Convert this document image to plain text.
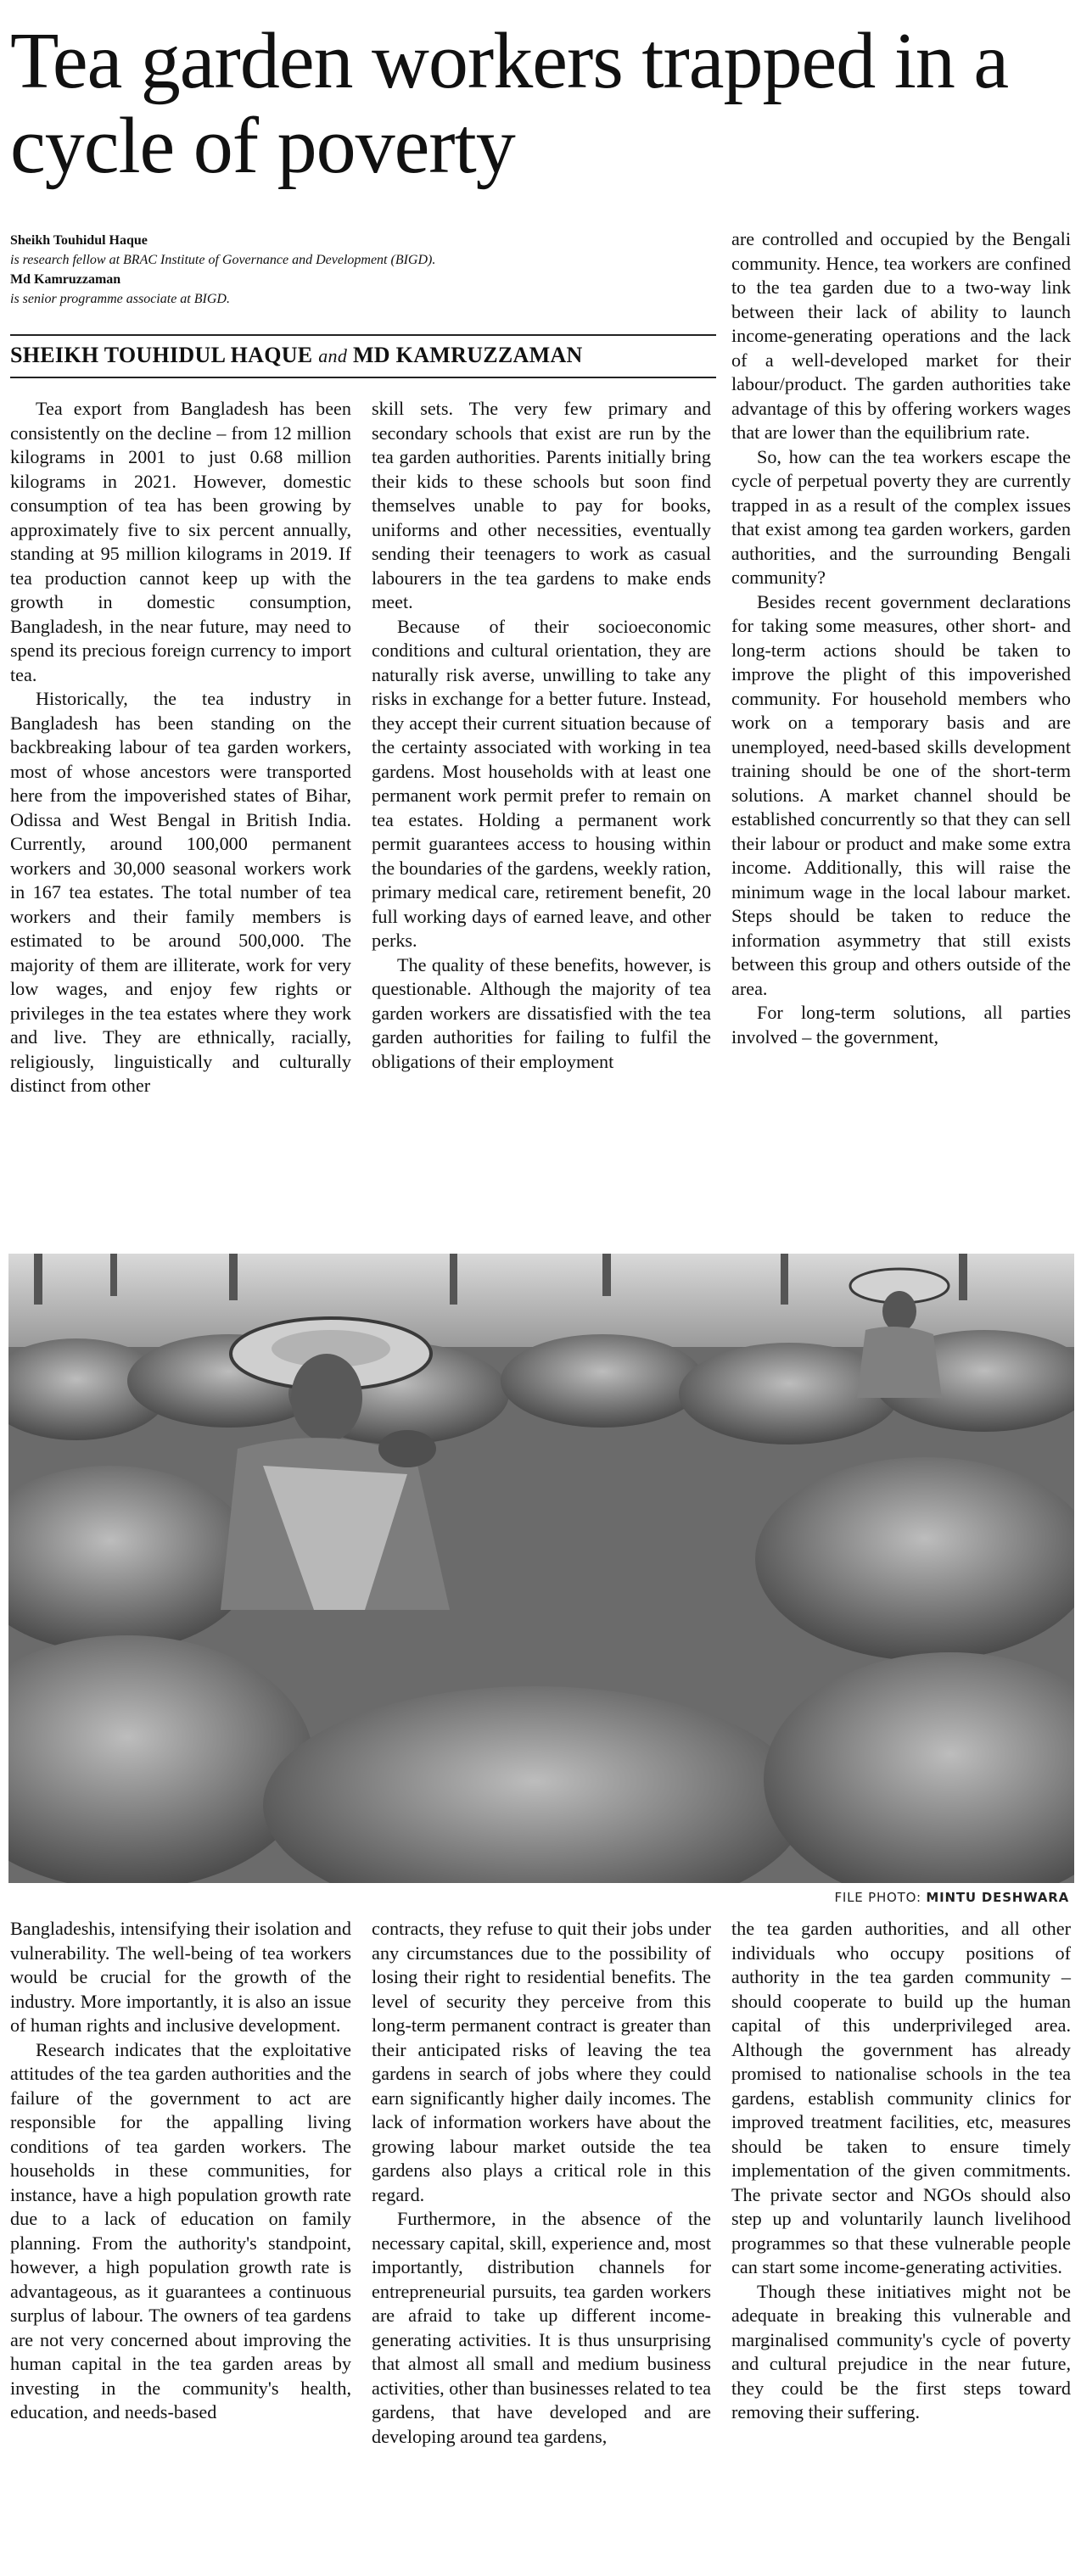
Tea garden workers trapped in a cycle of poverty
Sheikh Touhidul Haque
is research fellow at BRAC Institute of Governance and Development (BIGD).
Md Kamruzzaman
is senior programme associate at BIGD.
SHEIKH TOUHIDUL HAQUE and MD KAMRUZZAMAN

Tea export from Bangladesh has been consistently on the decline – from 12 million kilograms in 2001 to just 0.68 million kilograms in 2021. However, domestic consumption of tea has been growing by approximately five to six percent annually, standing at 95 million kilograms in 2019. If tea production cannot keep up with the growth in domestic consumption, Bangladesh, in the near future, may need to spend its precious foreign currency to import tea.

Historically, the tea industry in Bangladesh has been standing on the backbreaking labour of tea garden workers, most of whose ancestors were transported here from the impoverished states of Bihar, Odissa and West Bengal in British India. Currently, around 100,000 permanent workers and 30,000 seasonal workers work in 167 tea estates. The total number of tea workers and their family members is estimated to be around 500,000. The majority of them are illiterate, work for very low wages, and enjoy few rights or privileges in the tea estates where they work and live. They are ethnically, racially, religiously, linguistically and culturally distinct from other

skill sets. The very few primary and secondary schools that exist are run by the tea garden authorities. Parents initially bring their kids to these schools but soon find themselves unable to pay for books, uniforms and other necessities, eventually sending their teenagers to work as casual labourers in the tea gardens to make ends meet.

Because of their socioeconomic conditions and cultural orientation, they are naturally risk averse, unwilling to take any risks in exchange for a better future. Instead, they accept their current situation because of the certainty associated with working in tea gardens. Most households with at least one permanent work permit prefer to remain on tea estates. Holding a permanent work permit guarantees access to housing within the boundaries of the gardens, weekly ration, primary medical care, retirement benefit, 20 full working days of earned leave, and other perks.

The quality of these benefits, however, is questionable. Although the majority of tea garden workers are dissatisfied with the tea garden authorities for failing to fulfil the obligations of their employment

are controlled and occupied by the Bengali community. Hence, tea workers are confined to the tea garden due to a two-way link between their lack of ability to launch income-generating operations and the lack of a well-developed market for their labour/product. The garden authorities take advantage of this by offering workers wages that are lower than the equilibrium rate.

So, how can the tea workers escape the cycle of perpetual poverty they are currently trapped in as a result of the complex issues that exist among tea garden workers, garden authorities, and the surrounding Bengali community?

Besides recent government declarations for taking some measures, other short- and long-term actions should be taken to improve the plight of this impoverished community. For household members who work on a temporary basis and are unemployed, need-based skills development training should be one of the short-term solutions. A market channel should be established concurrently so that they can sell their labour or product and make some extra income. Additionally, this will raise the minimum wage in the local labour market. Steps should be taken to reduce the information asymmetry that still exists between this group and others outside of the area.

For long-term solutions, all parties involved – the government,

FILE PHOTO: MINTU DESHWARA

Bangladeshis, intensifying their isolation and vulnerability. The well-being of tea workers would be crucial for the growth of the industry. More importantly, it is also an issue of human rights and inclusive development.

Research indicates that the exploitative attitudes of the tea garden authorities and the failure of the government to act are responsible for the appalling living conditions of tea garden workers. The households in these communities, for instance, have a high population growth rate due to a lack of education on family planning. From the authority's standpoint, however, a high population growth rate is advantageous, as it guarantees a continuous surplus of labour. The owners of tea gardens are not very concerned about improving the human capital in the tea garden areas by investing in the community's health, education, and needs-based

contracts, they refuse to quit their jobs under any circumstances due to the possibility of losing their right to residential benefits. The level of security they perceive from this long-term permanent contract is greater than their anticipated risks of leaving the tea gardens in search of jobs where they could earn significantly higher daily incomes. The lack of information workers have about the growing labour market outside the tea gardens also plays a critical role in this regard.

Furthermore, in the absence of the necessary capital, skill, experience and, most importantly, distribution channels for entrepreneurial pursuits, tea garden workers are afraid to take up different income-generating activities. It is thus unsurprising that almost all small and medium business activities, other than businesses related to tea gardens, that have developed and are developing around tea gardens,

the tea garden authorities, and all other individuals who occupy positions of authority in the tea garden community – should cooperate to build up the human capital of this underprivileged area. Although the government has already promised to nationalise schools in the tea gardens, establish community clinics for improved treatment facilities, etc, measures should be taken to ensure timely implementation of the given commitments. The private sector and NGOs should also step up and voluntarily launch livelihood programmes so that these vulnerable people can start some income-generating activities.

Though these initiatives might not be adequate in breaking this vulnerable and marginalised community's cycle of poverty and cultural prejudice in the near future, they could be the first steps toward removing their suffering.
